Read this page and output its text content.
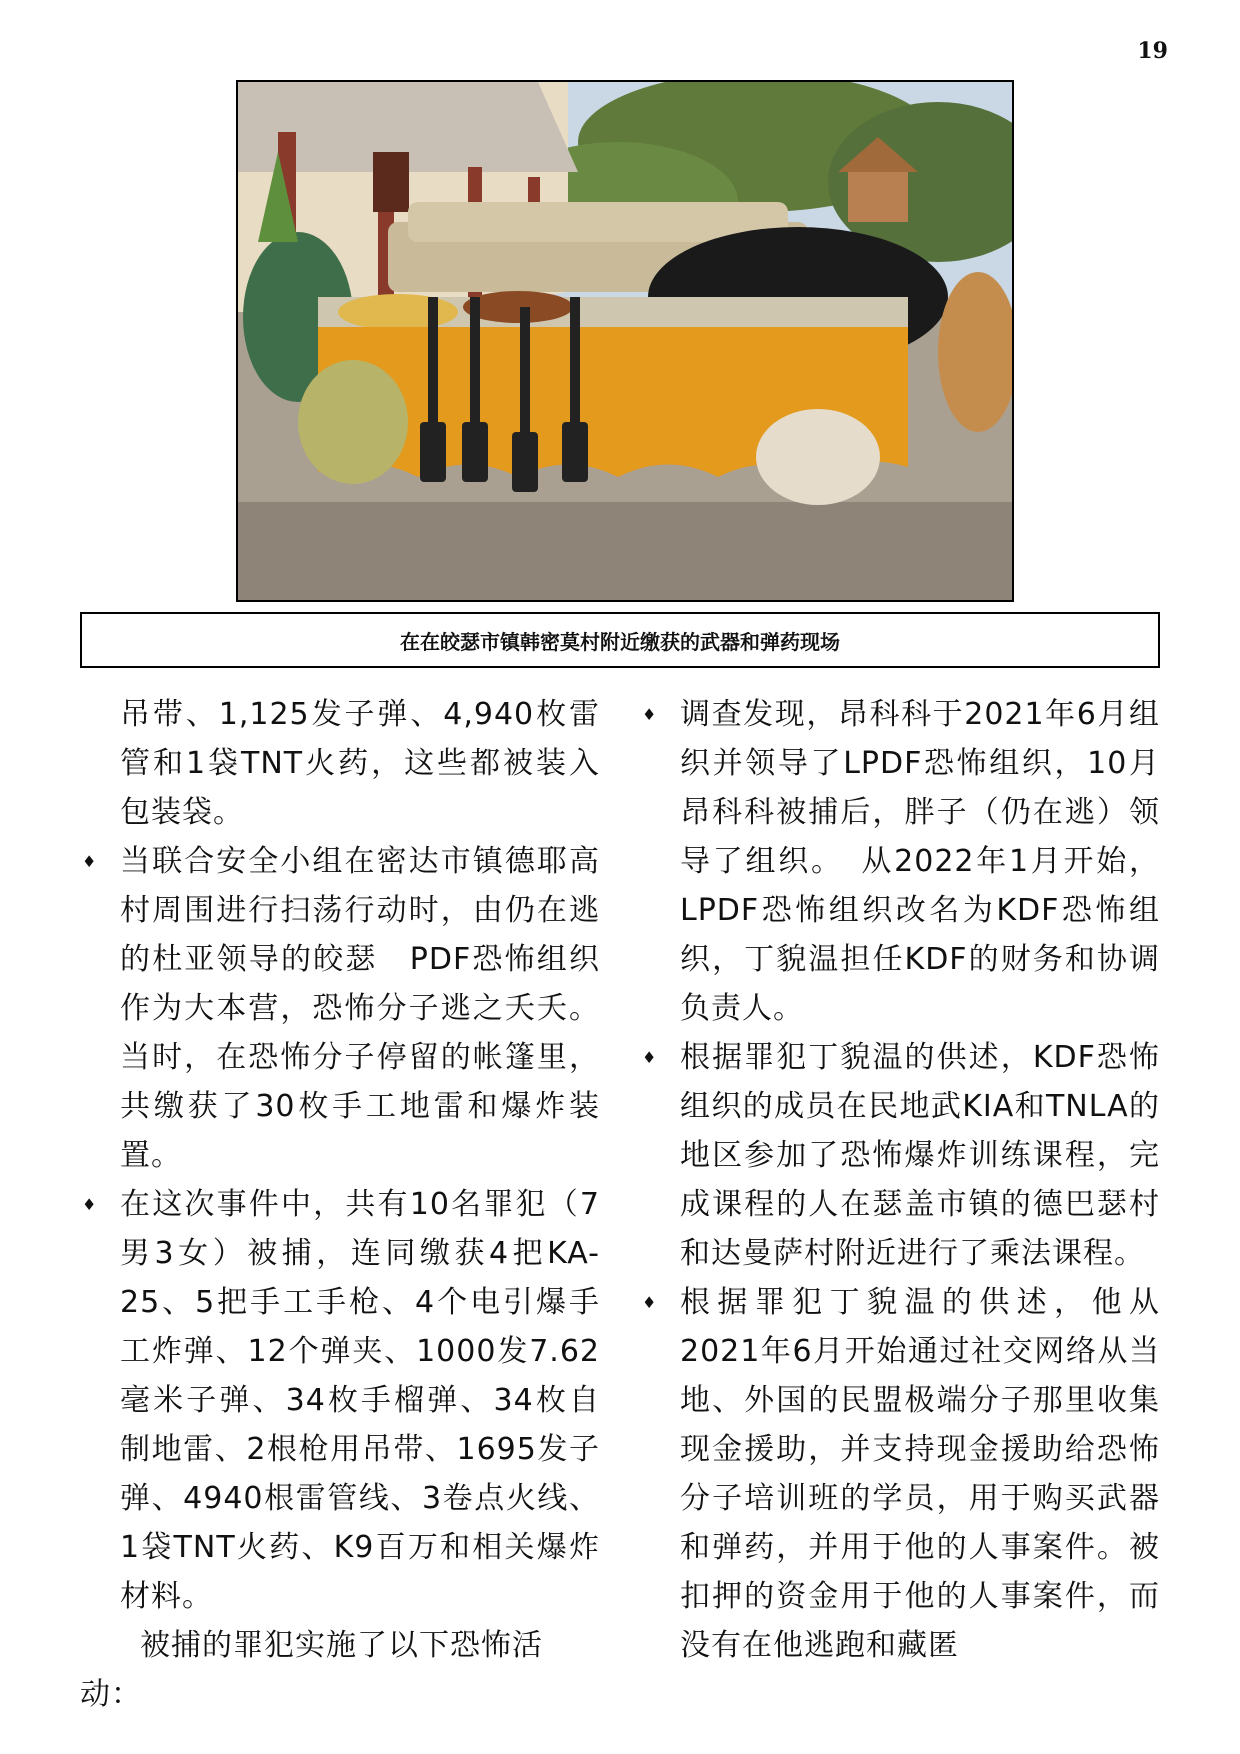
19
在在皎瑟市镇韩密莫村附近缴获的武器和弹药现场

吊带、1,125发子弹、4,940枚雷管和1袋TNT火药，这些都被装入包装袋。

♦ 当联合安全小组在密达市镇德耶高村周围进行扫荡行动时，由仍在逃的杜亚领导的皎瑟　PDF恐怖组织作为大本营，恐怖分子逃之夭夭。当时，在恐怖分子停留的帐篷里，共缴获了30枚手工地雷和爆炸装置。

♦ 在这次事件中，共有10名罪犯（7男3女）被捕，连同缴获4把KA-25、5把手工手枪、4个电引爆手工炸弹、12个弹夹、1000发7.62毫米子弹、34枚手榴弹、34枚自制地雷、2根枪用吊带、1695发子弹、4940根雷管线、3卷点火线、1袋TNT火药、K9百万和相关爆炸材料。

被捕的罪犯实施了以下恐怖活动：

♦ 调查发现，昂科科于2021年6月组织并领导了LPDF恐怖组织，10月昂科科被捕后，胖子（仍在逃）领导了组织。　从2022年1月开始，LPDF恐怖组织改名为KDF恐怖组织，丁貌温担任KDF的财务和协调负责人。

♦ 根据罪犯丁貌温的供述，KDF恐怖组织的成员在民地武KIA和TNLA的地区参加了恐怖爆炸训练课程，完成课程的人在瑟盖市镇的德巴瑟村和达曼萨村附近进行了乘法课程。

♦ 根据罪犯丁貌温的供述，他从2021年6月开始通过社交网络从当地、外国的民盟极端分子那里收集现金援助，并支持现金援助给恐怖分子培训班的学员，用于购买武器和弹药，并用于他的人事案件。被扣押的资金用于他的人事案件，而没有在他逃跑和藏匿
